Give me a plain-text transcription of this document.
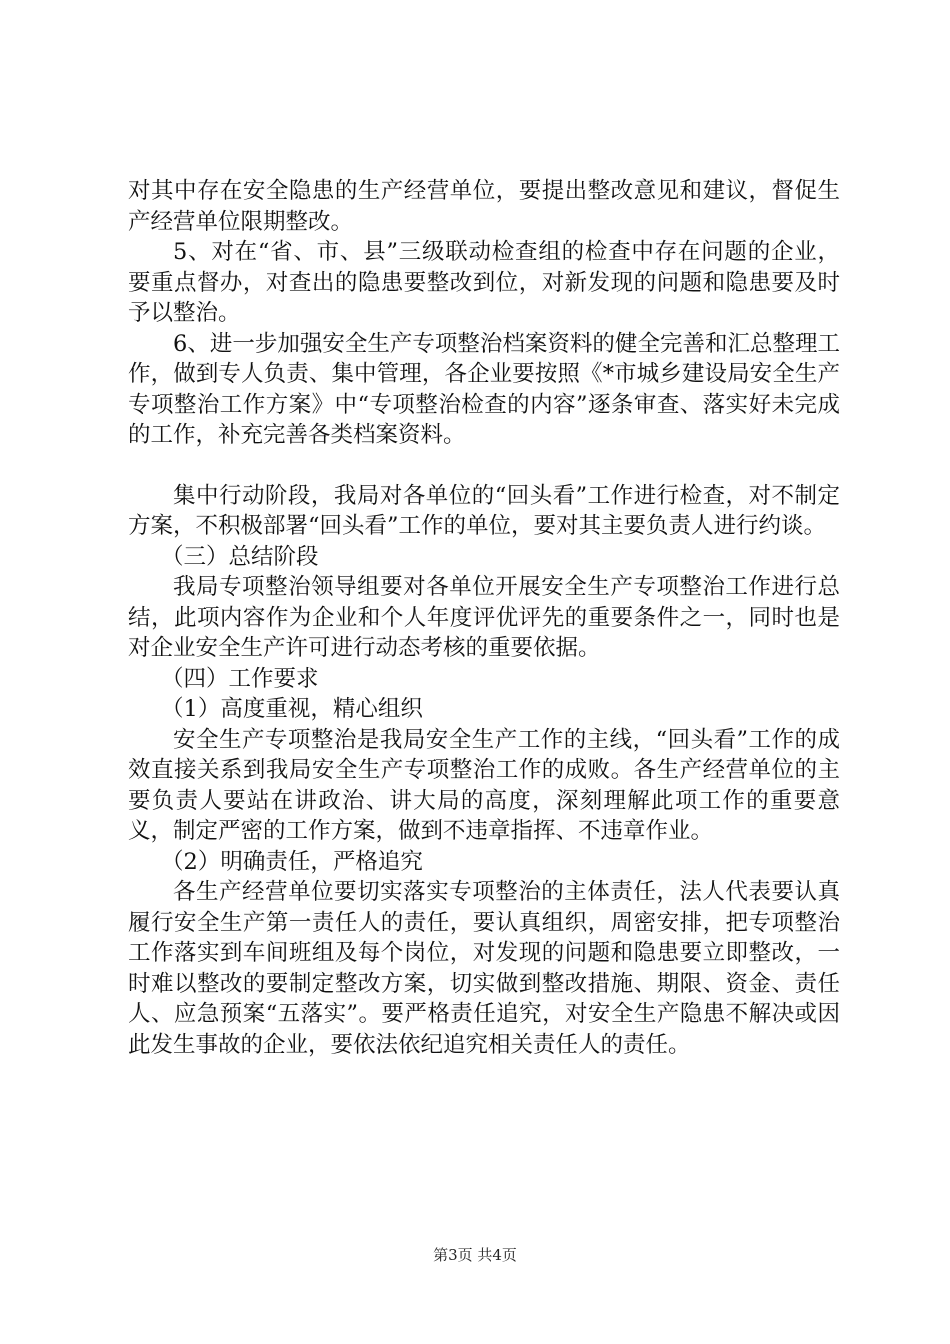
对其中存在安全隐患的生产经营单位，要提出整改意见和建议，督促生产经营单位限期整改。

5、对在“省、市、县”三级联动检查组的检查中存在问题的企业，要重点督办，对查出的隐患要整改到位，对新发现的问题和隐患要及时予以整治。

6、进一步加强安全生产专项整治档案资料的健全完善和汇总整理工作，做到专人负责、集中管理，各企业要按照《*市城乡建设局安全生产专项整治工作方案》中“专项整治检查的内容”逐条审查、落实好未完成的工作，补充完善各类档案资料。

集中行动阶段，我局对各单位的“回头看”工作进行检查，对不制定方案，不积极部署“回头看”工作的单位，要对其主要负责人进行约谈。

（三）总结阶段

我局专项整治领导组要对各单位开展安全生产专项整治工作进行总结，此项内容作为企业和个人年度评优评先的重要条件之一，同时也是对企业安全生产许可进行动态考核的重要依据。

（四）工作要求

（1）高度重视，精心组织

安全生产专项整治是我局安全生产工作的主线，“回头看”工作的成效直接关系到我局安全生产专项整治工作的成败。各生产经营单位的主要负责人要站在讲政治、讲大局的高度，深刻理解此项工作的重要意义，制定严密的工作方案，做到不违章指挥、不违章作业。

（2）明确责任，严格追究

各生产经营单位要切实落实专项整治的主体责任，法人代表要认真履行安全生产第一责任人的责任，要认真组织，周密安排，把专项整治工作落实到车间班组及每个岗位，对发现的问题和隐患要立即整改，一时难以整改的要制定整改方案，切实做到整改措施、期限、资金、责任人、应急预案“五落实”。要严格责任追究，对安全生产隐患不解决或因此发生事故的企业，要依法依纪追究相关责任人的责任。

第3页 共4页
